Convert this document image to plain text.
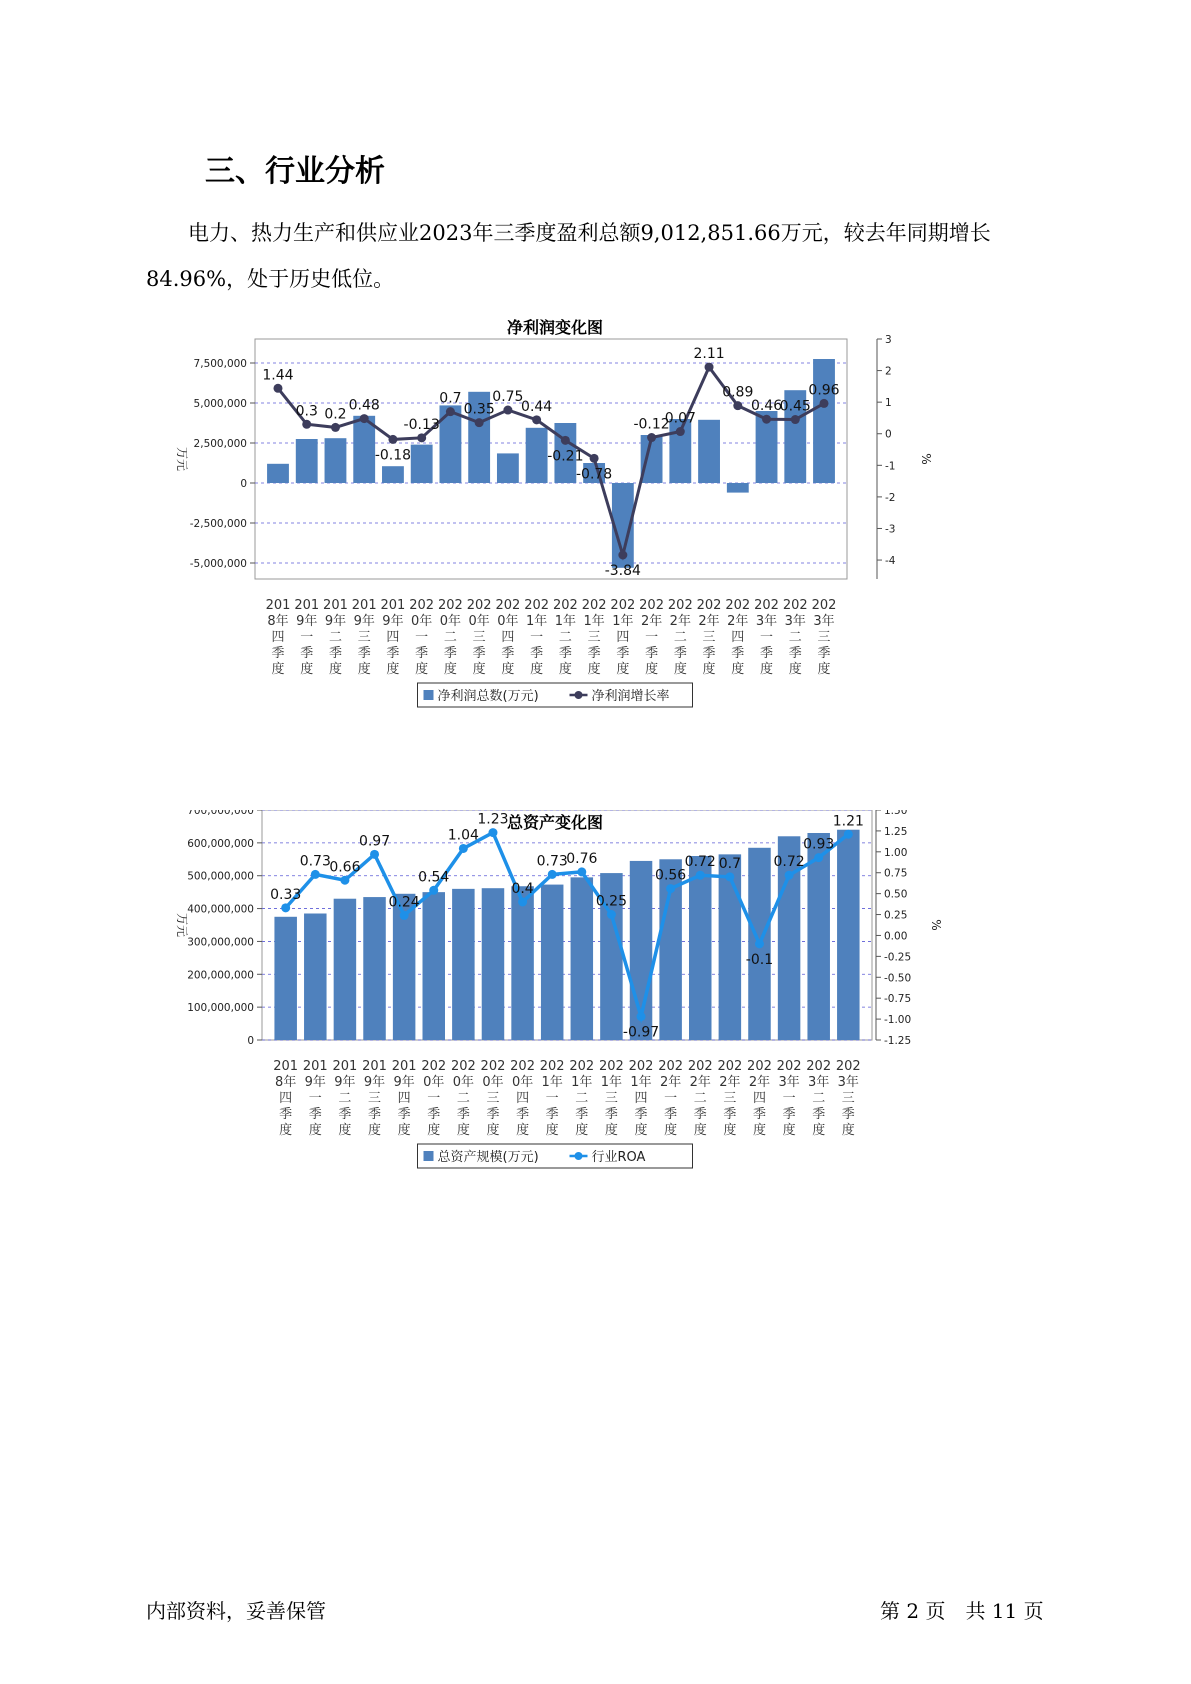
三、行业分析
电力、热力生产和供应业2023年三季度盈利总额9,012,851.66万元，较去年同期增长84.96%，处于历史低位。
净利润变化图
7,500,000
5,000,000
2,500,000
0
-2,500,000
-5,000,000
3
2
1
0
-1
-2
-3
-4
万元	%
1.44
0.3 0.2
0.48
-0.18
-0.13
0.7
0.35
0.75
0.44
-0.21
-0.78
-3.84
-0.12
0.07
2.11
0.89
0.46
0.45
0.96
201 8年四季度
201 9年一季度
201 9年二季度
201 9年三季度
201 9年四季度
202 0年一季度
202 0年二季度
202 0年三季度
202 0年四季度
202 1年一季度
202 1年二季度
202 1年三季度
202 1年四季度
202 2年一季度
202 2年二季度
202 2年三季度
202 2年四季度
202 3年一季度
202 3年二季度
202 3年三季度
净利润总数(万元)	净利润增长率
总资产变化图
700,000,000
600,000,000
500,000,000
400,000,000
300,000,000
200,000,000
100,000,000
0
1.50
1.25
1.00
0.75
0.50
0.25
0.00
-0.25
-0.50
-0.75
-1.00
-1.25
万元	%
0.33
0.73
0.66
0.97
0.24
0.54
1.04
1.23
0.4
0.73
0.76
0.25
-0.97
0.56
0.72 0.7
-0.1
0.72
0.93
1.21
201 8年四季度
201 9年一季度
201 9年二季度
201 9年三季度
201 9年四季度
202 0年一季度
202 0年二季度
202 0年三季度
202 0年四季度
202 1年一季度
202 1年二季度
202 1年三季度
202 1年四季度
202 2年一季度
202 2年二季度
202 2年三季度
202 2年四季度
202 3年一季度
202 3年二季度
202 3年三季度
总资产规模(万元)	行业ROA
内部资料，妥善保管	第 2 页　共 11 页
